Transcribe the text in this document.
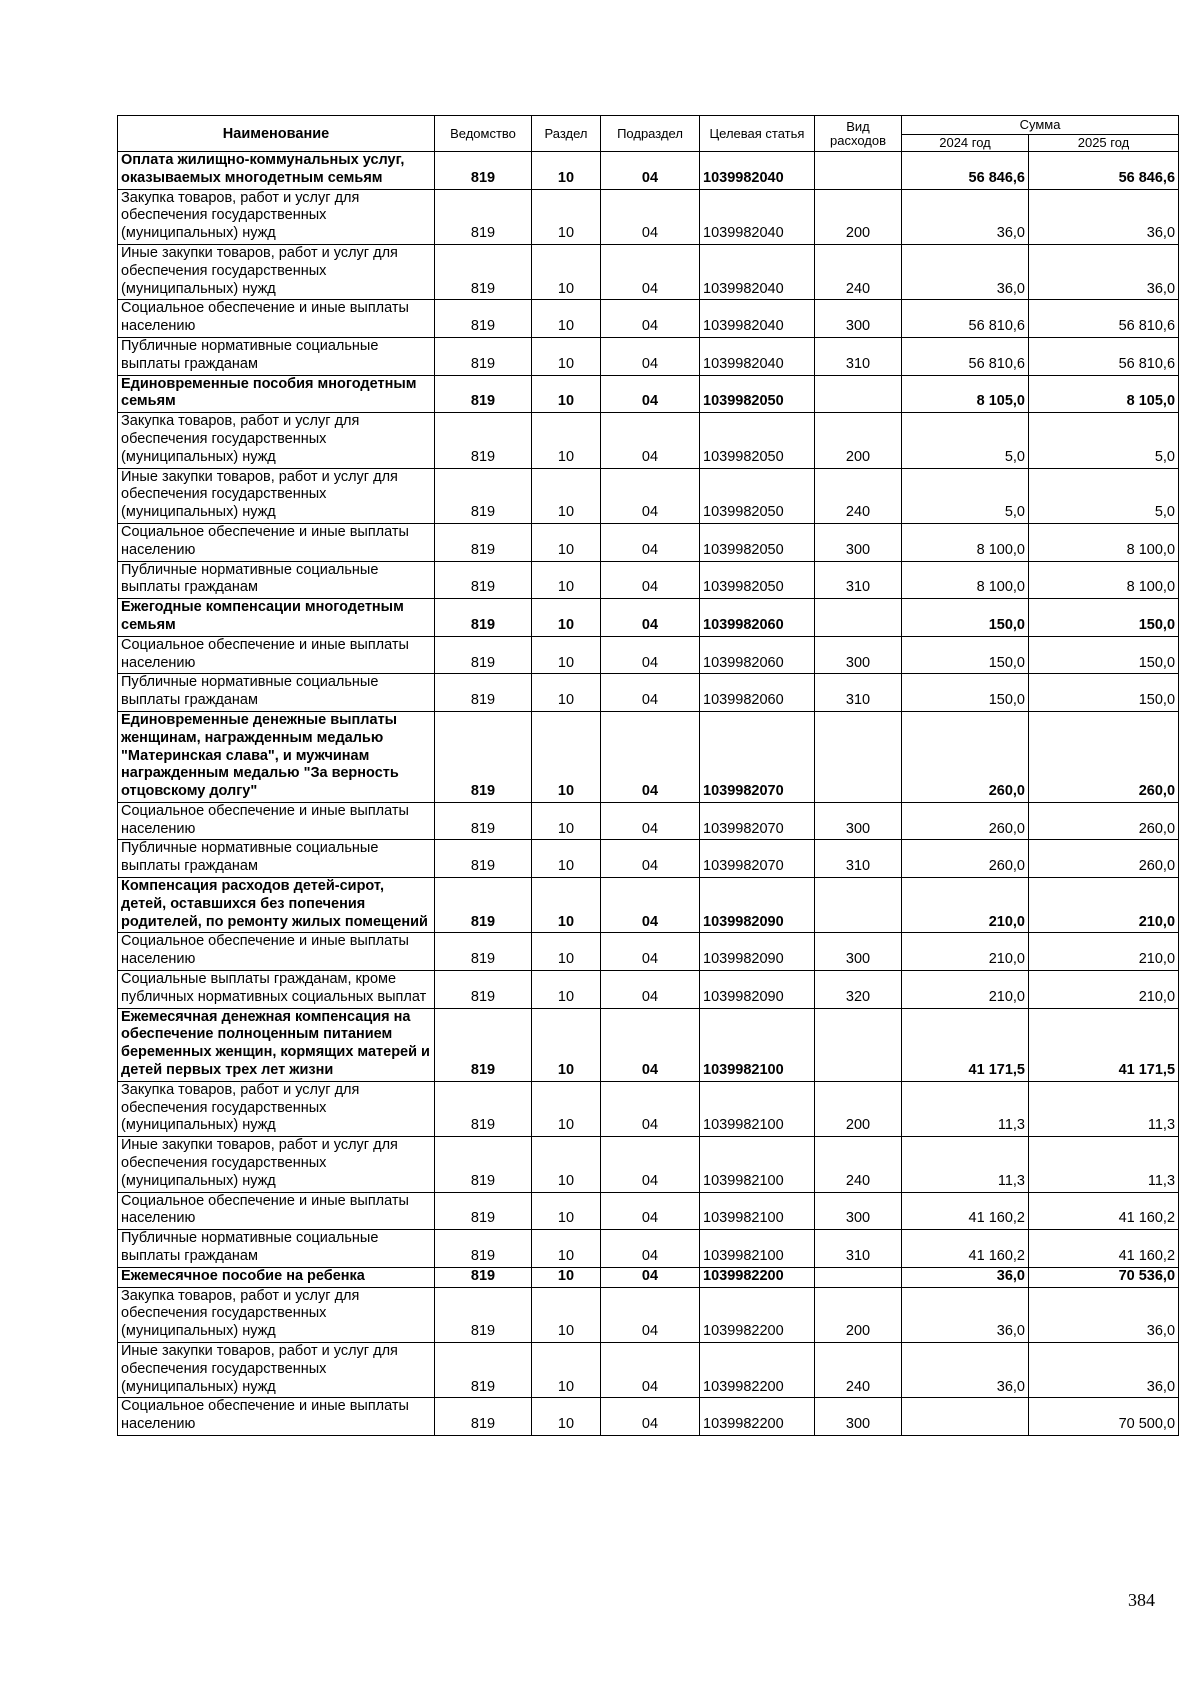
Наименование	Ведомство	Раздел	Подраздел	Целевая статья	Вид расходов	Сумма	
						2024 год	2025 год
Оплата жилищно-коммунальных услуг, оказываемых многодетным семьям	819	10	04	1039982040		56 846,6	56 846,6
Закупка товаров, работ и услуг для обеспечения государственных (муниципальных) нужд	819	10	04	1039982040	200	36,0	36,0
Иные закупки товаров, работ и услуг для обеспечения государственных (муниципальных) нужд	819	10	04	1039982040	240	36,0	36,0
Социальное обеспечение и иные выплаты населению	819	10	04	1039982040	300	56 810,6	56 810,6
Публичные нормативные социальные выплаты гражданам	819	10	04	1039982040	310	56 810,6	56 810,6
Единовременные пособия многодетным семьям	819	10	04	1039982050		8 105,0	8 105,0
Закупка товаров, работ и услуг для обеспечения государственных (муниципальных) нужд	819	10	04	1039982050	200	5,0	5,0
Иные закупки товаров, работ и услуг для обеспечения государственных (муниципальных) нужд	819	10	04	1039982050	240	5,0	5,0
Социальное обеспечение и иные выплаты населению	819	10	04	1039982050	300	8 100,0	8 100,0
Публичные нормативные социальные выплаты гражданам	819	10	04	1039982050	310	8 100,0	8 100,0
Ежегодные компенсации многодетным семьям	819	10	04	1039982060		150,0	150,0
Социальное обеспечение и иные выплаты населению	819	10	04	1039982060	300	150,0	150,0
Публичные нормативные социальные выплаты гражданам	819	10	04	1039982060	310	150,0	150,0
Единовременные денежные выплаты женщинам, награжденным медалью "Материнская слава", и мужчинам награжденным медалью "За верность отцовскому долгу"	819	10	04	1039982070		260,0	260,0
Социальное обеспечение и иные выплаты населению	819	10	04	1039982070	300	260,0	260,0
Публичные нормативные социальные выплаты гражданам	819	10	04	1039982070	310	260,0	260,0
Компенсация расходов детей-сирот, детей, оставшихся без попечения родителей, по ремонту жилых помещений	819	10	04	1039982090		210,0	210,0
Социальное обеспечение и иные выплаты населению	819	10	04	1039982090	300	210,0	210,0
Социальные выплаты гражданам, кроме публичных нормативных социальных выплат	819	10	04	1039982090	320	210,0	210,0
Ежемесячная денежная компенсация на обеспечение полноценным питанием беременных женщин, кормящих матерей и детей первых трех лет жизни	819	10	04	1039982100		41 171,5	41 171,5
Закупка товаров, работ и услуг для обеспечения государственных (муниципальных) нужд	819	10	04	1039982100	200	11,3	11,3
Иные закупки товаров, работ и услуг для обеспечения государственных (муниципальных) нужд	819	10	04	1039982100	240	11,3	11,3
Социальное обеспечение и иные выплаты населению	819	10	04	1039982100	300	41 160,2	41 160,2
Публичные нормативные социальные выплаты гражданам	819	10	04	1039982100	310	41 160,2	41 160,2
Ежемесячное пособие на ребенка	819	10	04	1039982200		36,0	70 536,0
Закупка товаров, работ и услуг для обеспечения государственных (муниципальных) нужд	819	10	04	1039982200	200	36,0	36,0
Иные закупки товаров, работ и услуг для обеспечения государственных (муниципальных) нужд	819	10	04	1039982200	240	36,0	36,0
Социальное обеспечение и иные выплаты населению	819	10	04	1039982200	300		70 500,0
384
